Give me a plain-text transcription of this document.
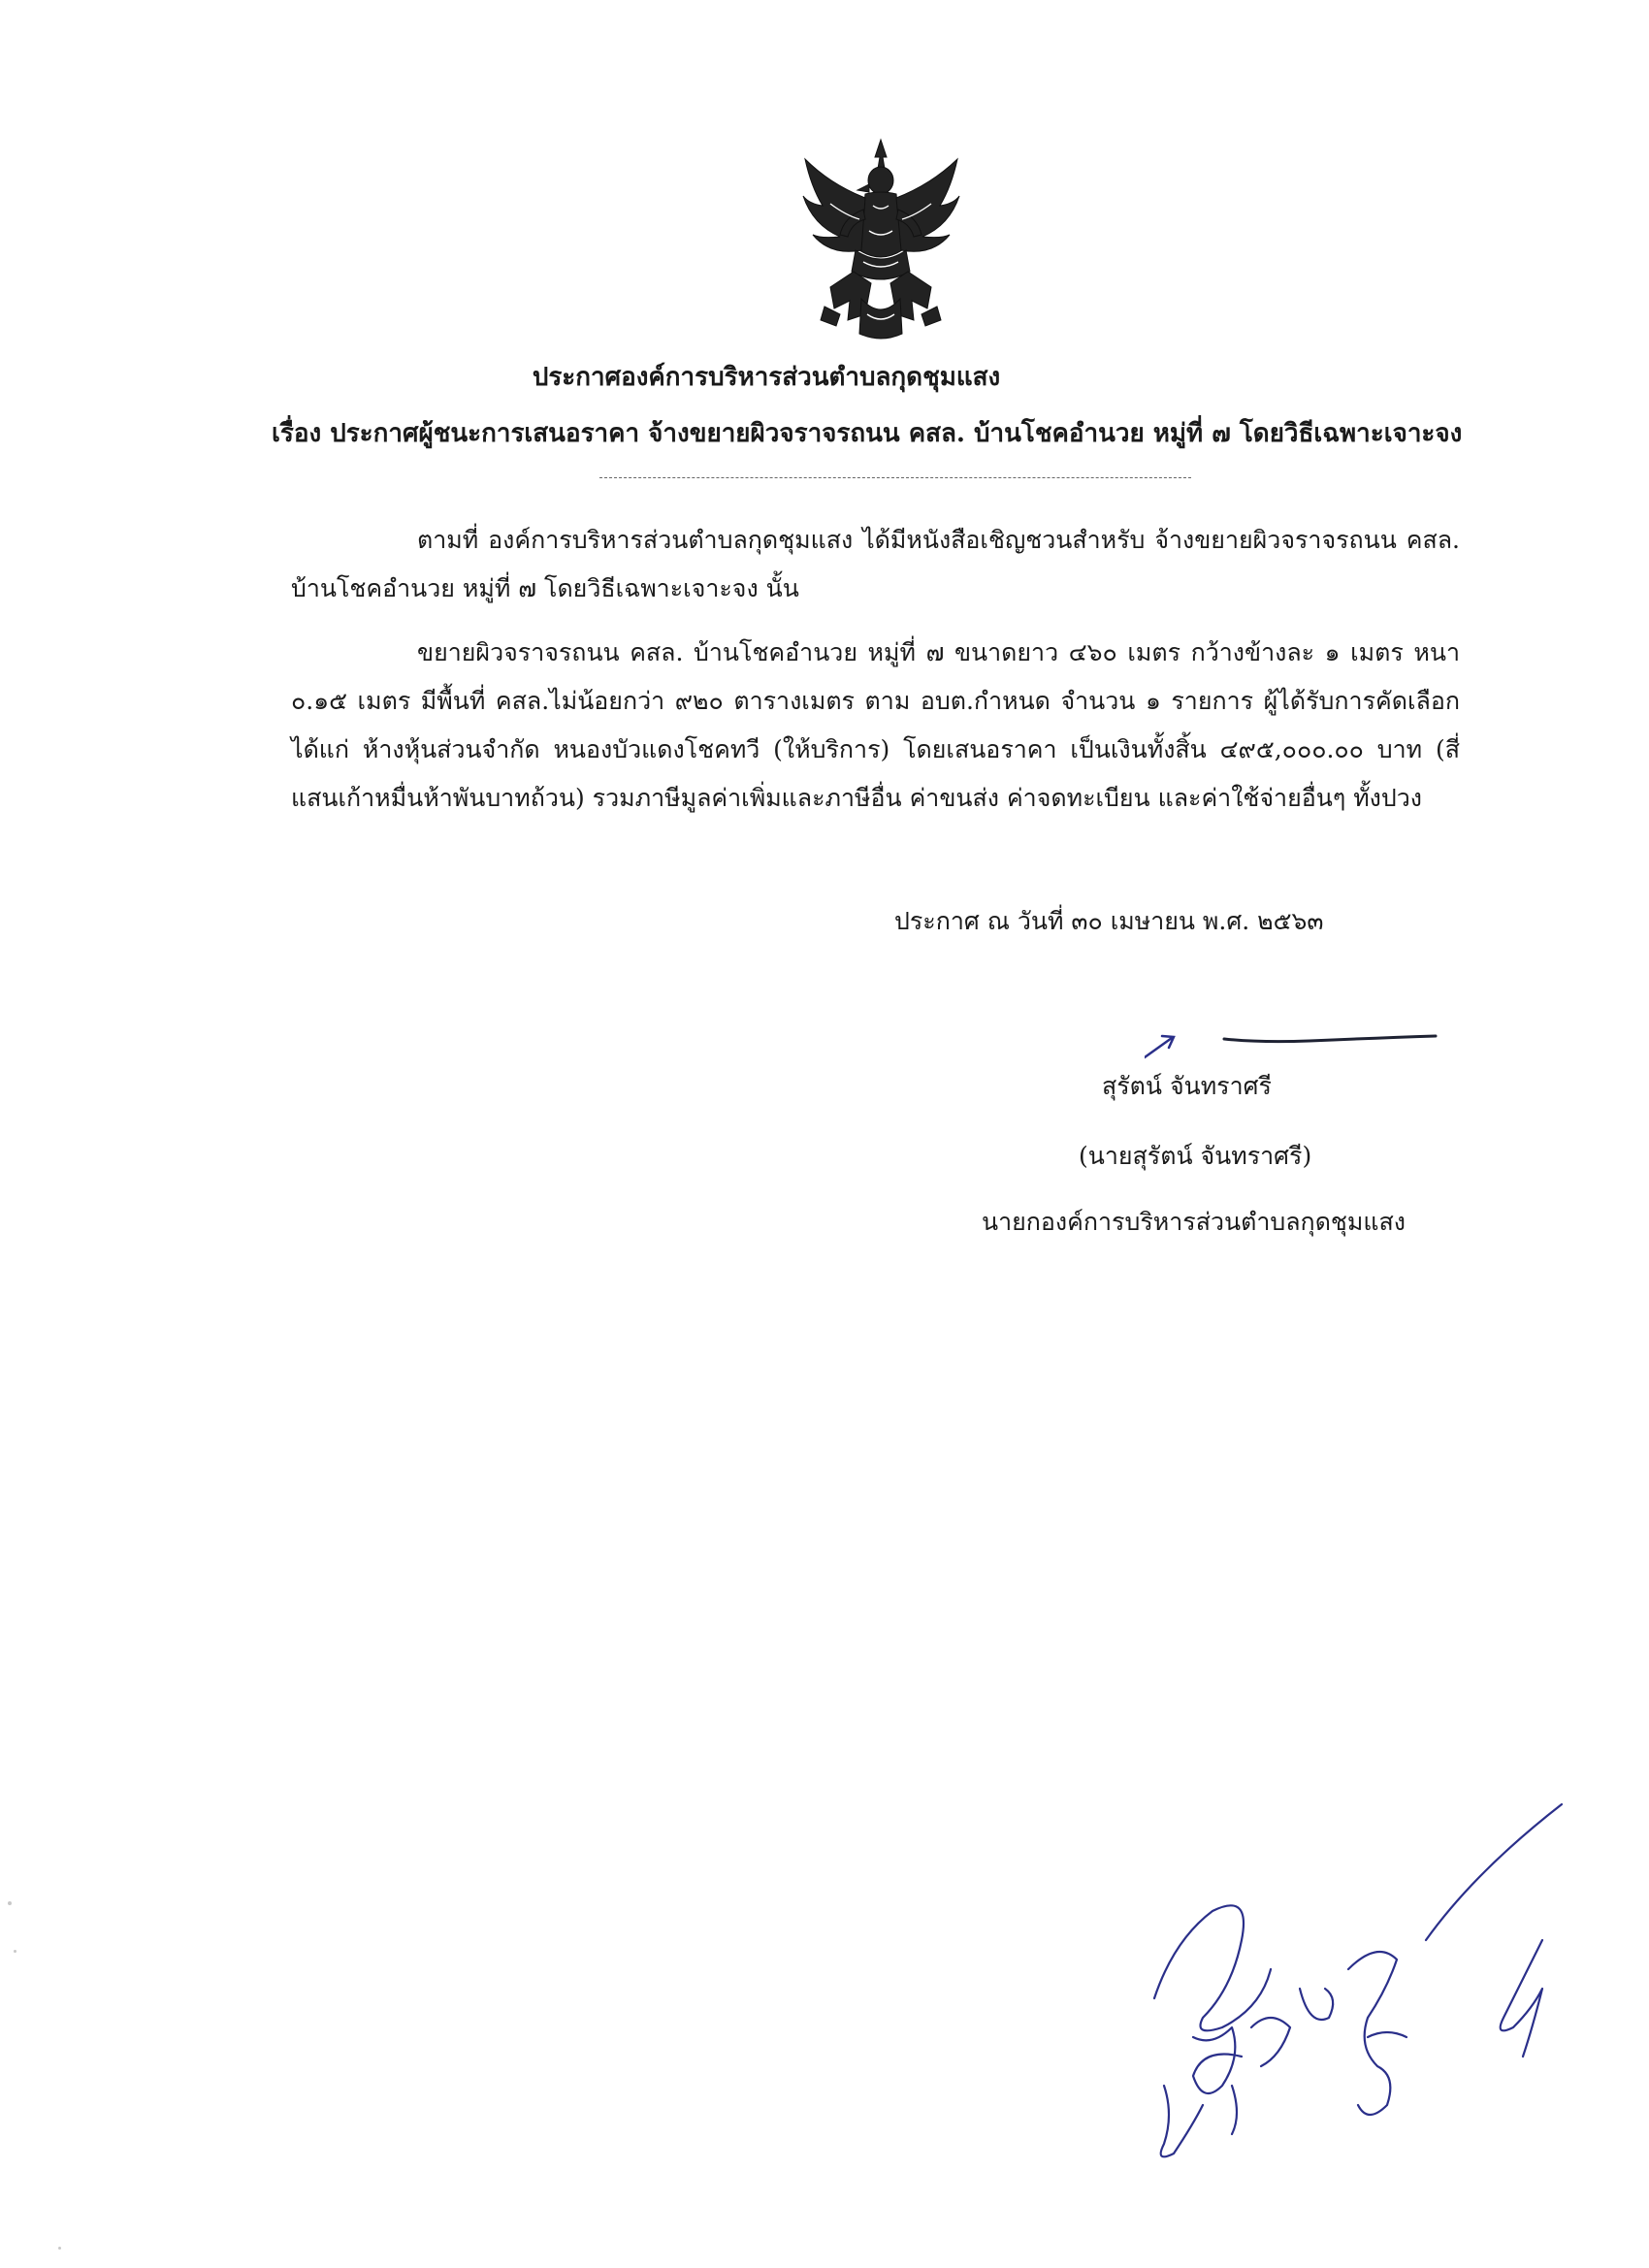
ประกาศองค์การบริหารส่วนตำบลกุดชุมแสง
เรื่อง ประกาศผู้ชนะการเสนอราคา จ้างขยายผิวจราจรถนน คสล. บ้านโชคอำนวย หมู่ที่ ๗ โดยวิธีเฉพาะเจาะจง
ตามที่ องค์การบริหารส่วนตำบลกุดชุมแสง ได้มีหนังสือเชิญชวนสำหรับ จ้างขยายผิวจราจรถนน คสล. บ้านโชคอำนวย หมู่ที่ ๗ โดยวิธีเฉพาะเจาะจง นั้น
ขยายผิวจราจรถนน คสล. บ้านโชคอำนวย หมู่ที่ ๗ ขนาดยาว ๔๖๐ เมตร กว้างข้างละ ๑ เมตร หนา ๐.๑๕ เมตร มีพื้นที่ คสล.ไม่น้อยกว่า ๙๒๐ ตารางเมตร ตาม อบต.กำหนด จำนวน ๑ รายการ ผู้ได้รับการคัดเลือก ได้แก่ ห้างหุ้นส่วนจำกัด หนองบัวแดงโชคทวี (ให้บริการ) โดยเสนอราคา เป็นเงินทั้งสิ้น ๔๙๕,๐๐๐.๐๐ บาท (สี่แสนเก้าหมื่นห้าพันบาทถ้วน) รวมภาษีมูลค่าเพิ่มและภาษีอื่น ค่าขนส่ง ค่าจดทะเบียน และค่าใช้จ่ายอื่นๆ ทั้งปวง
ประกาศ ณ วันที่ ๓๐ เมษายน พ.ศ. ๒๕๖๓
สุรัตน์ จันทราศรี
(นายสุรัตน์ จันทราศรี)
นายกองค์การบริหารส่วนตำบลกุดชุมแสง
